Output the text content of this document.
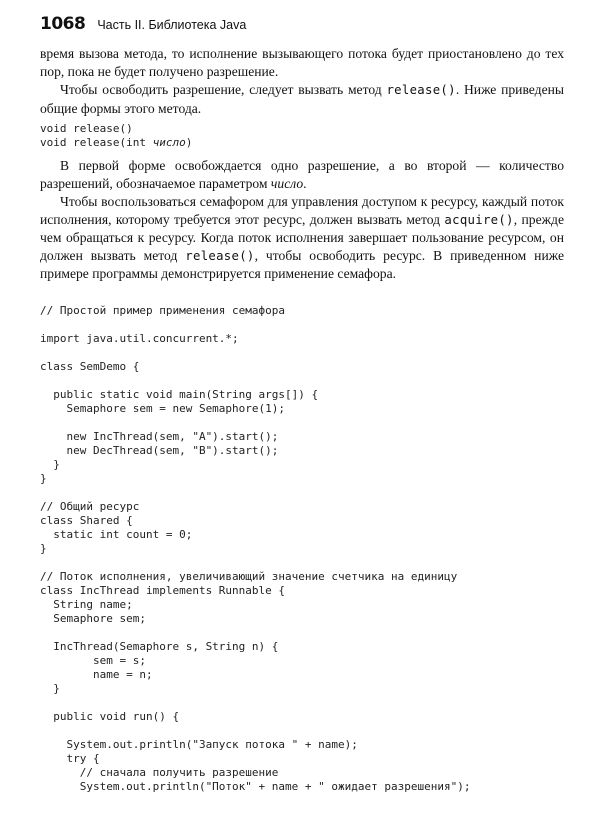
1068 Часть II. Библиотека Java

время вызова метода, то исполнение вызывающего потока будет приостановлено до тех пор, пока не будет получено разрешение.

Чтобы освободить разрешение, следует вызвать метод release(). Ниже приведены общие формы этого метода.

void release()
void release(int число)

В первой форме освобождается одно разрешение, а во второй — количество разрешений, обозначаемое параметром число.

Чтобы воспользоваться семафором для управления доступом к ресурсу, каждый поток исполнения, которому требуется этот ресурс, должен вызвать метод acquire(), прежде чем обращаться к ресурсу. Когда поток исполнения завершает пользование ресурсом, он должен вызвать метод release(), чтобы освободить ресурс. В приведенном ниже примере программы демонстрируется применение семафора.

// Простой пример применения семафора

import java.util.concurrent.*;

class SemDemo {

public static void main(String args[]) {
Semaphore sem = new Semaphore(1);

new IncThread(sem, "A").start();
new DecThread(sem, "B").start();
}
}

// Общий ресурс
class Shared {
static int count = 0;
}

// Поток исполнения, увеличивающий значение счетчика на единицу
class IncThread implements Runnable {
String name;
Semaphore sem;

IncThread(Semaphore s, String n) {
sem = s;
name = n;
}

public void run() {

System.out.println("Запуск потока " + name);
try {
// сначала получить разрешение
System.out.println("Поток" + name + " ожидает разрешения");
